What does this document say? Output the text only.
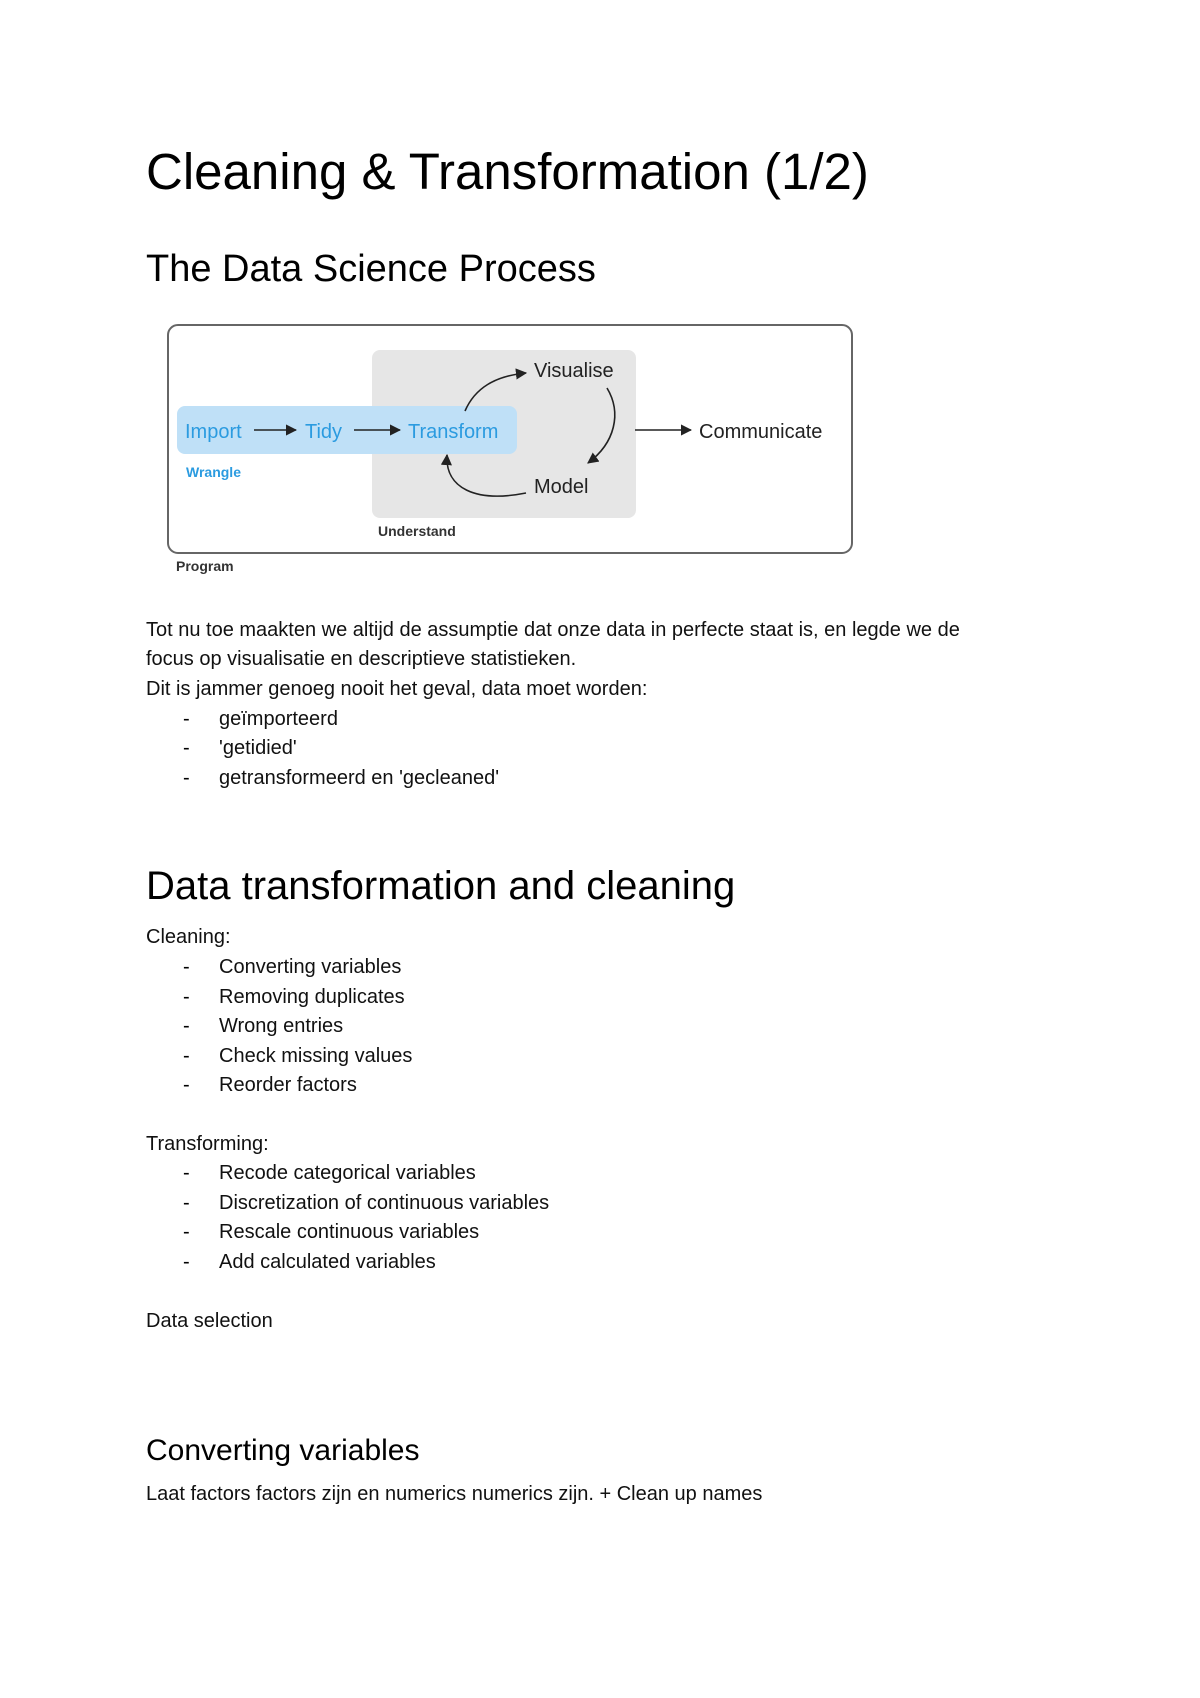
Cleaning & Transformation (1/2)
The Data Science Process
Import	Tidy	Transform
Visualise
Model
Communicate
Wrangle
Understand
Program
Tot nu toe maakten we altijd de assumptie dat onze data in perfecte staat is, en legde we de
focus op visualisatie en descriptieve statistieken.
Dit is jammer genoeg nooit het geval, data moet worden:
- geïmporteerd
- 'getidied'
- getransformeerd en 'gecleaned'
Data transformation and cleaning
Cleaning:
- Converting variables
- Removing duplicates
- Wrong entries
- Check missing values
- Reorder factors
Transforming:
- Recode categorical variables
- Discretization of continuous variables
- Rescale continuous variables
- Add calculated variables
Data selection
Converting variables
Laat factors factors zijn en numerics numerics zijn. + Clean up names
